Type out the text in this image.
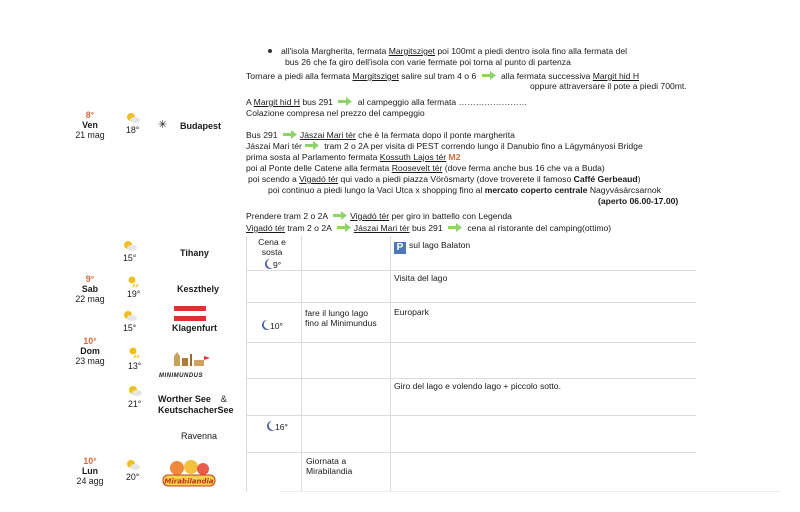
all'isola Margherita, fermata Margitsziget poi 100mt a piedi dentro isola fino alla fermata del
bus 26 che fa giro dell'isola con varie fermate poi torna al punto di partenza
Tornare a piedi alla fermata Margitsziget salire sul tram 4 o 6
alla fermata successiva Margit hid H
oppure attraversare il pote a piedi 700mt.
A Margit hid H bus 291
al campeggio alla fermata ……………………
Colazione compresa nel prezzo del campeggio
Bus 291
Jászai Mari tér che è la fermata dopo il ponte margherita
Jászai Mari tér
tram 2 o 2A per visita di PEST correndo lungo il Danubio fino a Lágymányosi Bridge
prima sosta al Parlamento fermata Kossuth Lajos tér M2
poi al Ponte delle Catene alla fermata Roosevelt tér (dove ferma anche bus 16 che va a Buda)
poi scendo a Vigadó tér qui vado a piedi piazza Vörösmarty (dove troverete il famoso Caffé Gerbeaud)
poi continuo a piedi lungo la Vaci Utca x shopping fino al mercato coperto centrale Nagyvásárcsarnok
(aperto 06.00-17.00)
Prendere tram 2 o 2A
Vigadó tér per giro in battello con Legenda
Vigadó tér tram 2 o 2A
Jászai Mari tér bus 291
cena al ristorante del camping(ottimo)
8°
Ven
21 mag
9°
Sab
22 mag
10°
Dom
23 mag
10°
Lun
24 agg
18°
15°
19°
15°
13°
21°
20°
✳ Budapest
Tihany
Keszthely
Klagenfurt
MINIMUNDUS
Worther See &
KeutschacherSee
Ravenna
Mirabilandia
Cena e
sosta
9°
P sul lago Balaton
Visita del lago
10°
fare il lungo lago
fino al Minimundus
Europark
Giro del lago e volendo lago + piccolo sotto.
16°
Giornata a
Mirabilandia
